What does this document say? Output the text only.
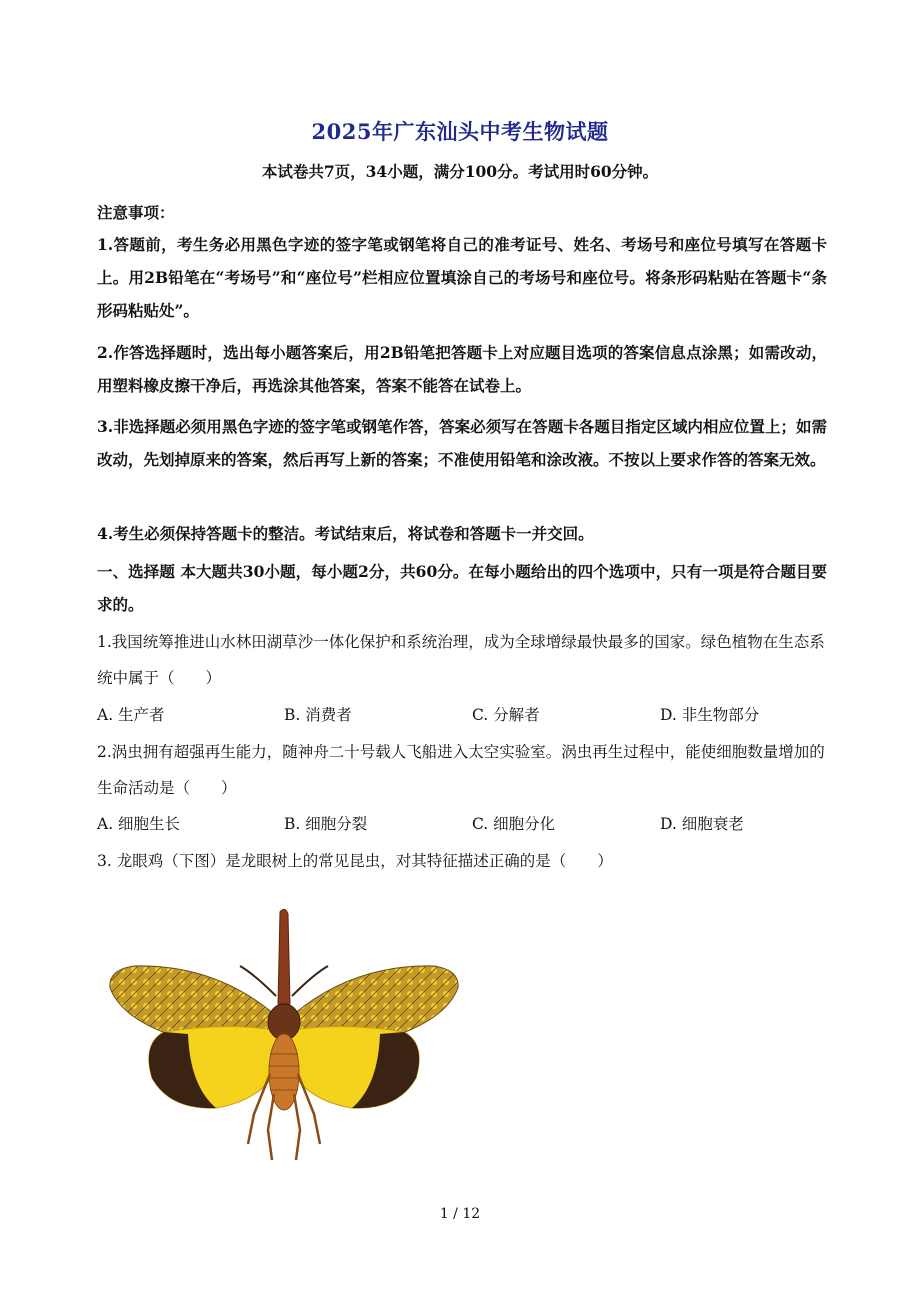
2025年广东汕头中考生物试题
本试卷共7页，34小题，满分100分。考试用时60分钟。
注意事项：
1.答题前，考生务必用黑色字迹的签字笔或钢笔将自己的准考证号、姓名、考场号和座位号填写在答题卡上。用2B铅笔在“考场号”和“座位号”栏相应位置填涂自己的考场号和座位号。将条形码粘贴在答题卡“条形码粘贴处”。
2.作答选择题时，选出每小题答案后，用2B铅笔把答题卡上对应题目选项的答案信息点涂黑；如需改动，用塑料橡皮擦干净后，再选涂其他答案，答案不能答在试卷上。
3.非选择题必须用黑色字迹的签字笔或钢笔作答，答案必须写在答题卡各题目指定区域内相应位置上；如需改动，先划掉原来的答案，然后再写上新的答案；不准使用铅笔和涂改液。不按以上要求作答的答案无效。
4.考生必须保持答题卡的整洁。考试结束后，将试卷和答题卡一并交回。
一、选择题 本大题共30小题，每小题2分，共60分。在每小题给出的四个选项中，只有一项是符合题目要求的。
1.我国统筹推进山水林田湖草沙一体化保护和系统治理，成为全球增绿最快最多的国家。绿色植物在生态系统中属于（　　）
A. 生产者	B. 消费者	C. 分解者	D. 非生物部分
2.涡虫拥有超强再生能力，随神舟二十号载人飞船进入太空实验室。涡虫再生过程中，能使细胞数量增加的生命活动是（　　）
A. 细胞生长	B. 细胞分裂	C. 细胞分化	D. 细胞衰老
3. 龙眼鸡（下图）是龙眼树上的常见昆虫，对其特征描述正确的是（　　）
1 / 12
